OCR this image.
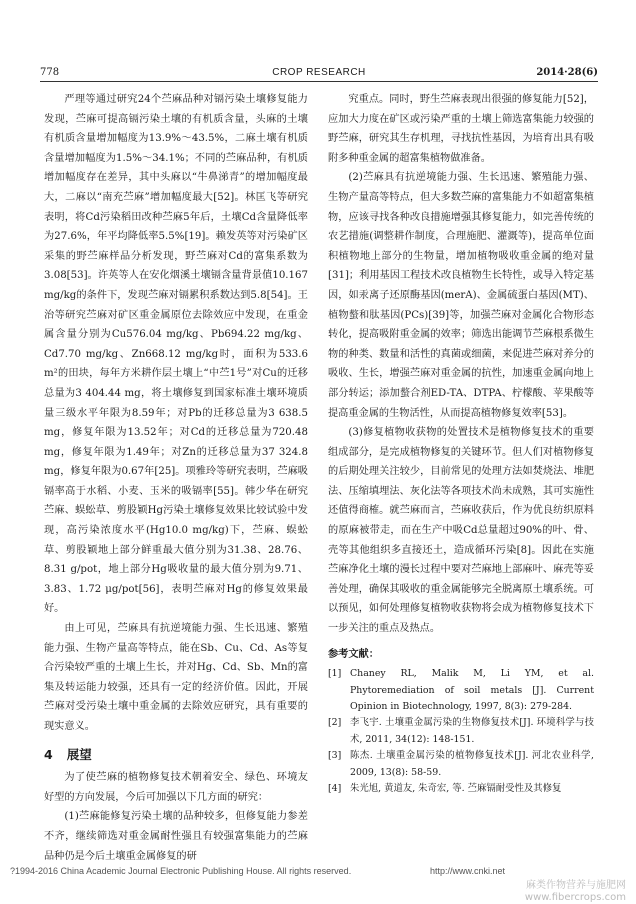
778	CROP RESEARCH	2014·28(6)

严理等通过研究24个苎麻品种对镉污染土壤修复能力发现，苎麻可提高镉污染土壤的有机质含量，头麻的土壤有机质含量增加幅度为13.9%～43.5%，二麻土壤有机质含量增加幅度为1.5%～34.1%；不同的苎麻品种，有机质增加幅度存在差异，其中头麻以“牛鼻涕青”的增加幅度最大，二麻以“南充苎麻”增加幅度最大[52]。林匡飞等研究表明，将Cd污染稻田改种苎麻5年后，土壤Cd含量降低率为27.6%，年平均降低率5.5%[19]。赖发英等对污染矿区采集的野苎麻样品分析发现，野苎麻对Cd的富集系数为3.08[53]。许英等人在安化烟溪土壤镉含量背景值10.167 mg/kg的条件下，发现苎麻对镉累积系数达到5.8[54]。王治等研究苎麻对矿区重金属原位去除效应中发现，在重金属含量分别为Cu576.04 mg/kg、Pb694.22 mg/kg、Cd7.70 mg/kg、Zn668.12 mg/kg时，面积为533.6 m²的田块，每年方米耕作层土壤上“中苎1号”对Cu的迁移总量为3 404.44 mg，将土壤修复到国家标准土壤环境质量三级水平年限为8.59年；对Pb的迁移总量为3 638.5 mg，修复年限为13.52年；对Cd的迁移总量为720.48 mg，修复年限为1.49年；对Zn的迁移总量为37 324.8 mg，修复年限为0.67年[25]。项雅玲等研究表明，苎麻吸镉率高于水稻、小麦、玉米的吸镉率[55]。韩少华在研究苎麻、蜈蚣草、剪股颖Hg污染土壤修复效果比较试验中发现，高污染浓度水平(Hg10.0 mg/kg)下，苎麻、蜈蚣草、剪股颖地上部分鲜重最大值分别为31.38、28.76、8.31 g/pot，地上部分Hg吸收量的最大值分别为9.71、3.83、1.72 μg/pot[56]，表明苎麻对Hg的修复效果最好。

由上可见，苎麻具有抗逆境能力强、生长迅速、繁殖能力强、生物产量高等特点，能在Sb、Cu、Cd、As等复合污染较严重的土壤上生长，并对Hg、Cd、Sb、Mn的富集及转运能力较强，还具有一定的经济价值。因此，开展苎麻对受污染土壤中重金属的去除效应研究，具有重要的现实意义。

4 展望

为了使苎麻的植物修复技术朝着安全、绿色、环境友好型的方向发展，今后可加强以下几方面的研究：

(1)苎麻能修复污染土壤的品种较多，但修复能力参差不齐，继续筛选对重金属耐性强且有较强富集能力的苎麻品种仍是今后土壤重金属修复的研

究重点。同时，野生苎麻表现出很强的修复能力[52]，应加大力度在矿区或污染严重的土壤上筛选富集能力较强的野苎麻，研究其生存机理，寻找抗性基因，为培育出具有吸附多种重金属的超富集植物做准备。

(2)苎麻具有抗逆境能力强、生长迅速、繁殖能力强、生物产量高等特点，但大多数苎麻的富集能力不如超富集植物，应该寻找各种改良措施增强其修复能力，如完善传统的农艺措施(调整耕作制度，合理施肥、灌溉等)，提高单位面积植物地上部分的生物量，增加植物吸收重金属的绝对量[31]；利用基因工程技术改良植物生长特性，或导入特定基因，如汞离子还原酶基因(merA)、金属硫蛋白基因(MT)、植物螯和肽基因(PCs)[39]等，加强苎麻对金属化合物形态转化，提高吸附重金属的效率；筛选出能调节苎麻根系微生物的种类、数量和活性的真菌或细菌，来促进苎麻对养分的吸收、生长，增强苎麻对重金属的抗性，加速重金属向地上部分转运；添加螯合剂ED-TA、DTPA、柠檬酸、苹果酸等提高重金属的生物活性，从而提高植物修复效率[53]。

(3)修复植物收获物的处置技术是植物修复技术的重要组成部分，是完成植物修复的关键环节。但人们对植物修复的后期处理关注较少，目前常见的处理方法如焚烧法、堆肥法、压缩填埋法、灰化法等各项技术尚未成熟，其可实施性还值得商榷。就苎麻而言，苎麻收获后，作为优良纺织原料的原麻被带走，而在生产中吸Cd总量超过90%的叶、骨、壳等其他组织多直接还土，造成循环污染[8]。因此在实施苎麻净化土壤的漫长过程中要对苎麻地上部麻叶、麻壳等妥善处理，确保其吸收的重金属能够完全脱离原土壤系统。可以预见，如何处理修复植物收获物将会成为植物修复技术下一步关注的重点及热点。

参考文献：
[1] Chaney RL, Malik M, Li YM, et al. Phytoremediation of soil metals [J]. Current Opinion in Biotechnology, 1997, 8(3): 279-284.
[2] 李飞宇. 土壤重金属污染的生物修复技术[J]. 环境科学与技术, 2011, 34(12): 148-151.
[3] 陈杰. 土壤重金属污染的植物修复技术[J]. 河北农业科学, 2009, 13(8): 58-59.
[4] 朱光旭, 黄道友, 朱奇宏, 等. 苎麻镉耐受性及其修复
?1994-2016 China Academic Journal Electronic Publishing House. All rights reserved.	http://www.cnki.net
麻类作物营养与施肥网
www.fibercrops.com
